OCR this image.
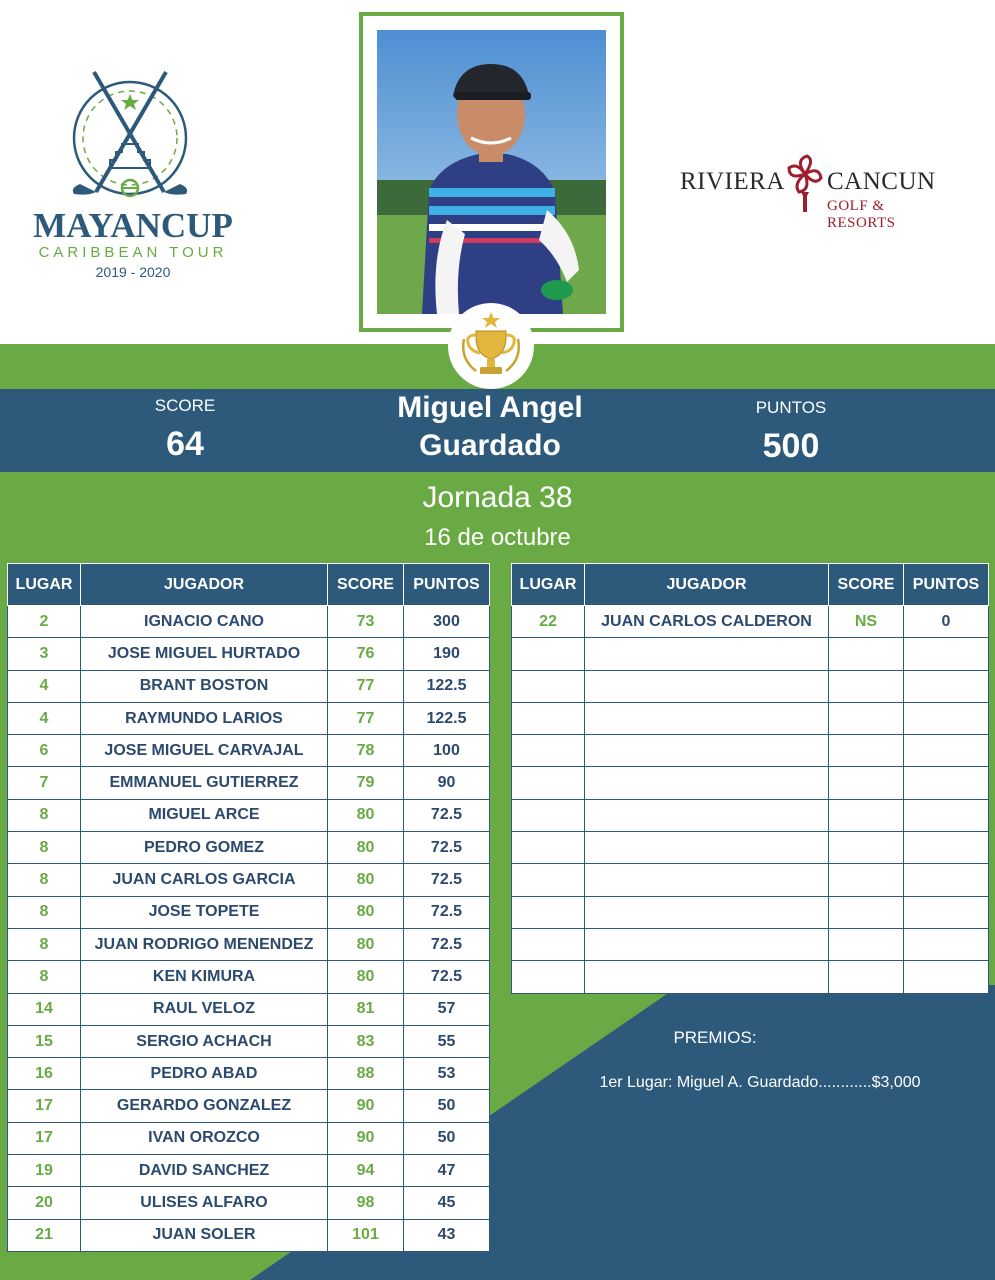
MAYANCUP
CARIBBEAN TOUR
2019 - 2020
RIVIERA CANCUN
GOLF & RESORTS
SCORE
64
Miguel Angel
Guardado
PUNTOS
500
Jornada 38
16 de octubre
LUGAR	JUGADOR	SCORE	PUNTOS
2	IGNACIO CANO	73	300
3	JOSE MIGUEL HURTADO	76	190
4	BRANT BOSTON	77	122.5
4	RAYMUNDO LARIOS	77	122.5
6	JOSE MIGUEL CARVAJAL	78	100
7	EMMANUEL GUTIERREZ	79	90
8	MIGUEL ARCE	80	72.5
8	PEDRO GOMEZ	80	72.5
8	JUAN CARLOS GARCIA	80	72.5
8	JOSE TOPETE	80	72.5
8	JUAN RODRIGO MENENDEZ	80	72.5
8	KEN KIMURA	80	72.5
14	RAUL VELOZ	81	57
15	SERGIO ACHACH	83	55
16	PEDRO ABAD	88	53
17	GERARDO GONZALEZ	90	50
17	IVAN OROZCO	90	50
19	DAVID SANCHEZ	94	47
20	ULISES ALFARO	98	45
21	JUAN SOLER	101	43
LUGAR	JUGADOR	SCORE	PUNTOS
22	JUAN CARLOS CALDERON	NS	0

PREMIOS:
1er Lugar: Miguel A. Guardado............$3,000
